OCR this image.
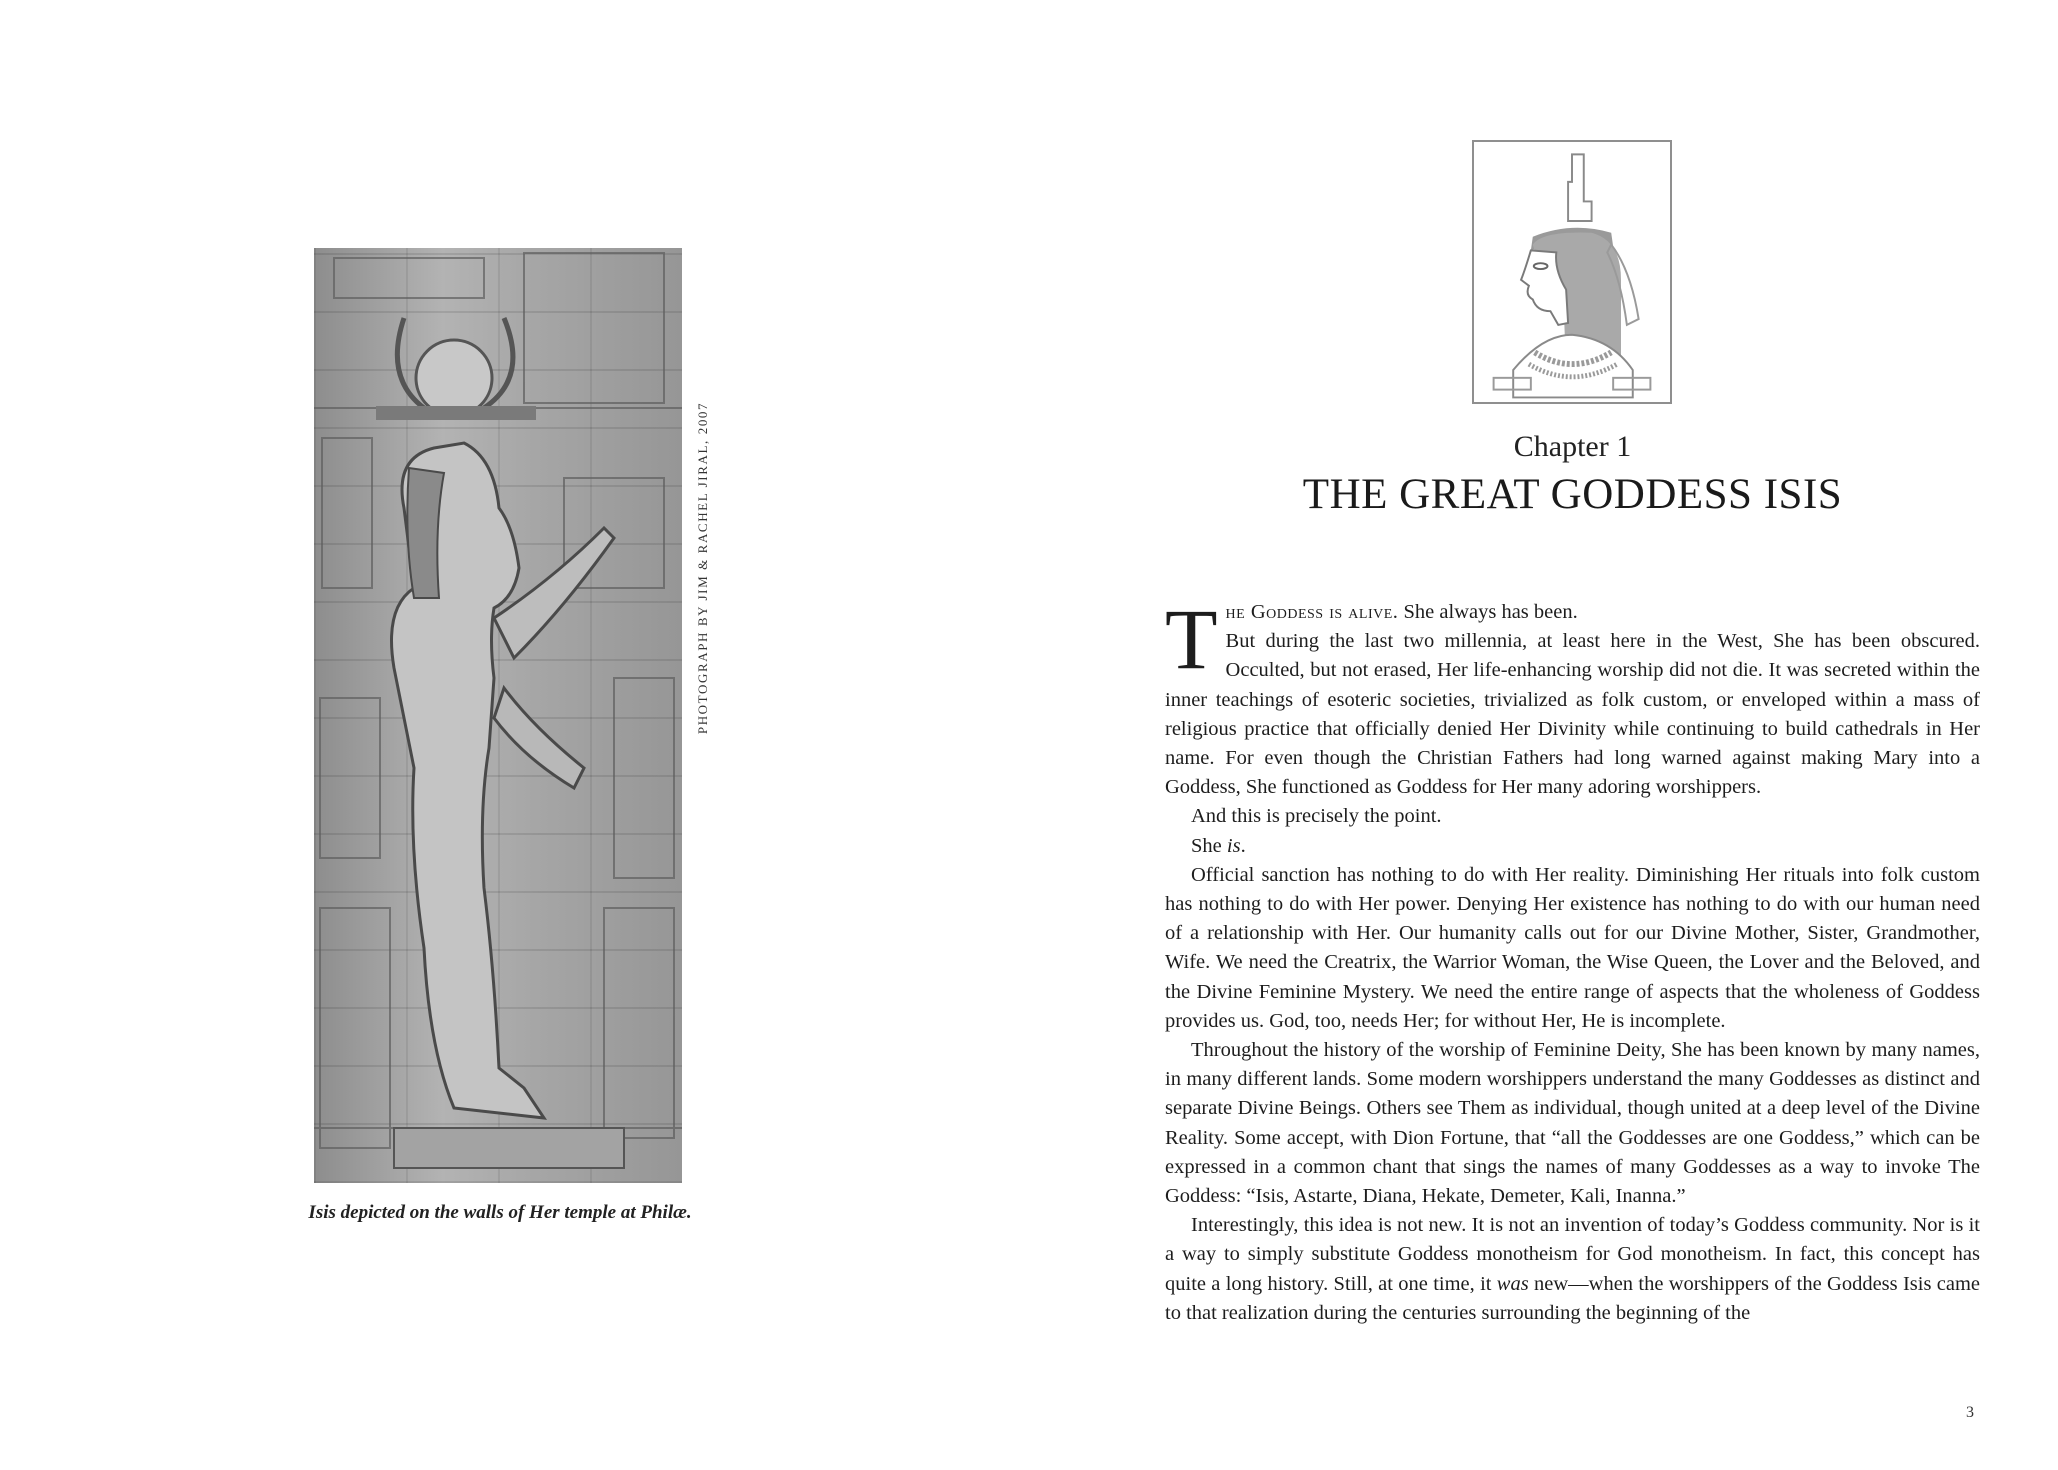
PHOTOGRAPH BY JIM & RACHEL JIRAL, 2007
Isis depicted on the walls of Her temple at Philæ.
Chapter 1
THE GREAT GODDESS ISIS

The Goddess is alive. She always has been.

But during the last two millennia, at least here in the West, She has been obscured. Occulted, but not erased, Her life-enhancing worship did not die. It was secreted within the inner teachings of esoteric societies, trivialized as folk custom, or enveloped within a mass of religious practice that officially denied Her Divinity while continuing to build cathedrals in Her name. For even though the Christian Fathers had long warned against making Mary into a Goddess, She functioned as Goddess for Her many adoring worshippers.

And this is precisely the point.

She is.

Official sanction has nothing to do with Her reality. Diminishing Her rituals into folk custom has nothing to do with Her power. Denying Her existence has nothing to do with our human need of a relationship with Her. Our humanity calls out for our Divine Mother, Sister, Grandmother, Wife. We need the Creatrix, the Warrior Woman, the Wise Queen, the Lover and the Beloved, and the Divine Feminine Mystery. We need the entire range of aspects that the wholeness of Goddess provides us. God, too, needs Her; for without Her, He is incomplete.

Throughout the history of the worship of Feminine Deity, She has been known by many names, in many different lands. Some modern worshippers understand the many Goddesses as distinct and separate Divine Beings. Others see Them as individual, though united at a deep level of the Divine Reality. Some accept, with Dion Fortune, that “all the Goddesses are one Goddess,” which can be expressed in a common chant that sings the names of many Goddesses as a way to invoke The Goddess: “Isis, Astarte, Diana, Hekate, Demeter, Kali, Inanna.”

Interestingly, this idea is not new. It is not an invention of today’s Goddess community. Nor is it a way to simply substitute Goddess monotheism for God monotheism. In fact, this concept has quite a long history. Still, at one time, it was new—when the worshippers of the Goddess Isis came to that realization during the centuries surrounding the beginning of the

3
